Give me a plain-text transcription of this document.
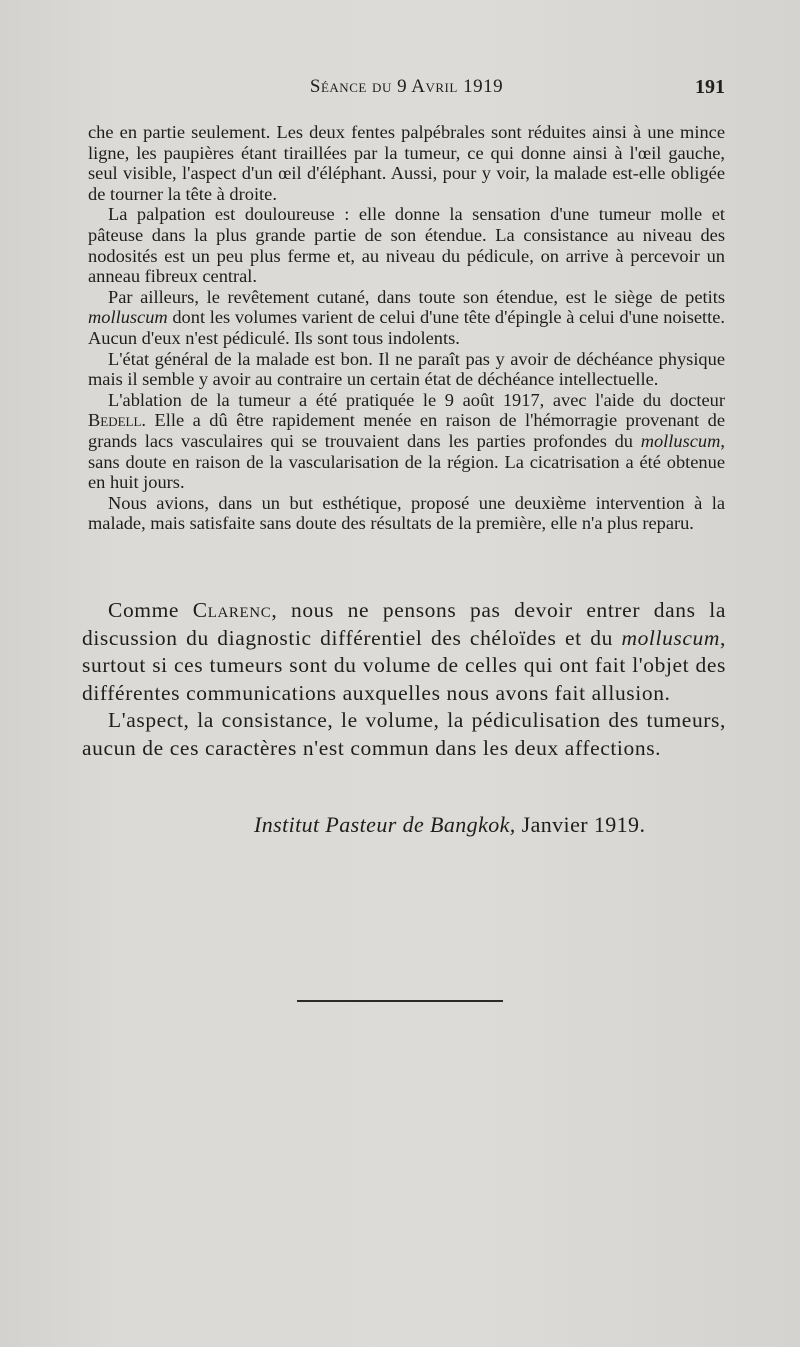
Séance du 9 Avril 1919	191

che en partie seulement. Les deux fentes palpébrales sont réduites ainsi à une mince ligne, les paupières étant tiraillées par la tumeur, ce qui donne ainsi à l'œil gauche, seul visible, l'aspect d'un œil d'éléphant. Aussi, pour y voir, la malade est-elle obligée de tourner la tête à droite.

La palpation est douloureuse : elle donne la sensation d'une tumeur molle et pâteuse dans la plus grande partie de son étendue. La consistance au niveau des nodosités est un peu plus ferme et, au niveau du pédicule, on arrive à percevoir un anneau fibreux central.

Par ailleurs, le revêtement cutané, dans toute son étendue, est le siège de petits molluscum dont les volumes varient de celui d'une tête d'épingle à celui d'une noisette. Aucun d'eux n'est pédiculé. Ils sont tous indolents.

L'état général de la malade est bon. Il ne paraît pas y avoir de déchéance physique mais il semble y avoir au contraire un certain état de déchéance intellectuelle.

L'ablation de la tumeur a été pratiquée le 9 août 1917, avec l'aide du docteur Bedell. Elle a dû être rapidement menée en raison de l'hémorragie provenant de grands lacs vasculaires qui se trouvaient dans les parties profondes du molluscum, sans doute en raison de la vascularisation de la région. La cicatrisation a été obtenue en huit jours.

Nous avions, dans un but esthétique, proposé une deuxième intervention à la malade, mais satisfaite sans doute des résultats de la première, elle n'a plus reparu.

Comme Clarenc, nous ne pensons pas devoir entrer dans la discussion du diagnostic différentiel des chéloïdes et du molluscum, surtout si ces tumeurs sont du volume de celles qui ont fait l'objet des différentes communications auxquelles nous avons fait allusion.

L'aspect, la consistance, le volume, la pédiculisation des tumeurs, aucun de ces caractères n'est commun dans les deux affections.

Institut Pasteur de Bangkok, Janvier 1919.
